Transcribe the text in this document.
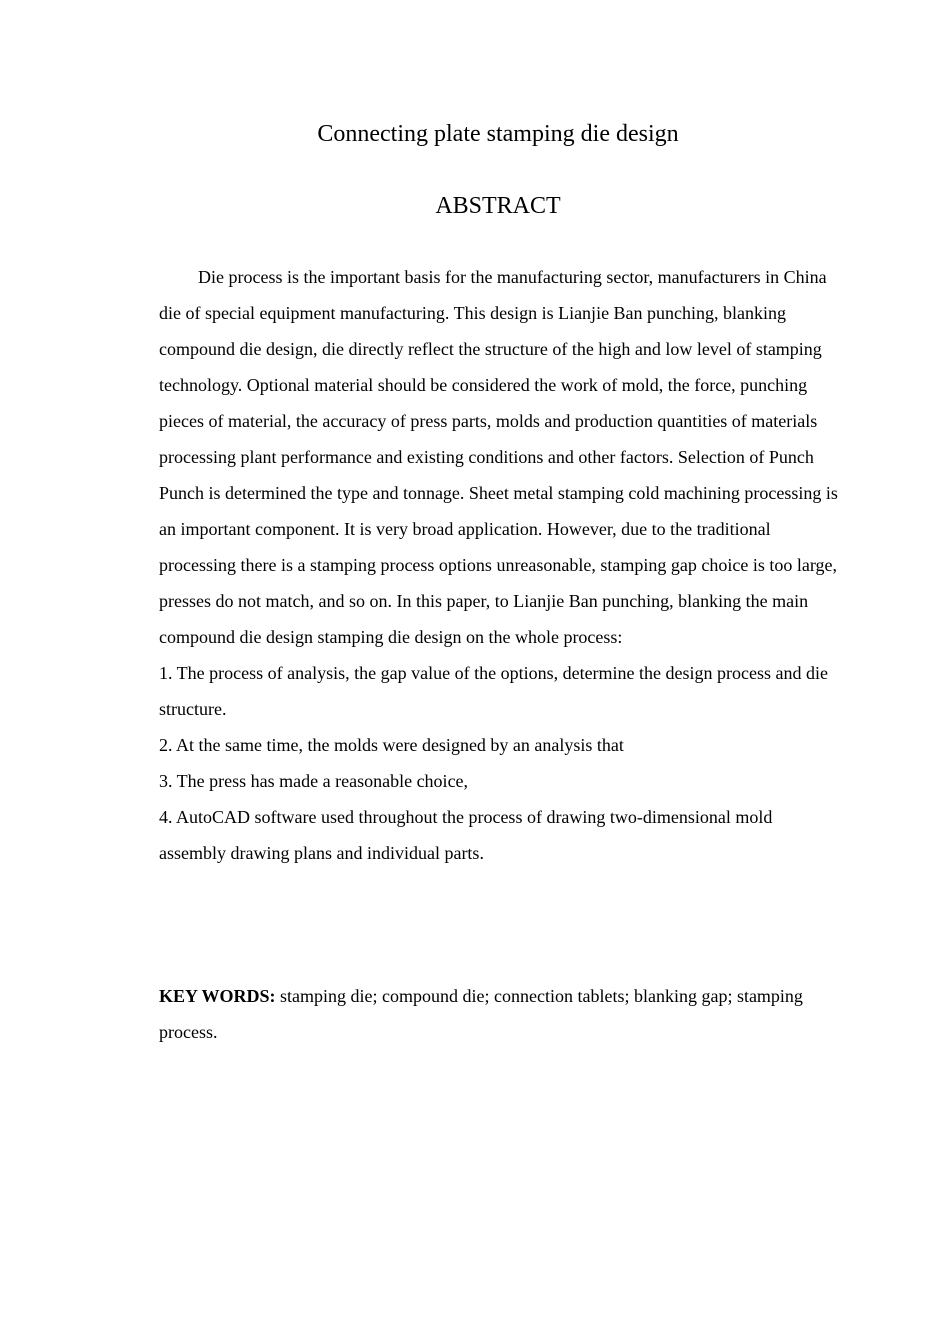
Connecting plate stamping die design
ABSTRACT

Die process is the important basis for the manufacturing sector, manufacturers in China die of special equipment manufacturing. This design is Lianjie Ban punching, blanking compound die design, die directly reflect the structure of the high and low level of stamping technology. Optional material should be considered the work of mold, the force, punching pieces of material, the accuracy of press parts, molds and production quantities of materials processing plant performance and existing conditions and other factors. Selection of Punch Punch is determined the type and tonnage. Sheet metal stamping cold machining processing is an important component. It is very broad application. However, due to the traditional processing there is a stamping process options unreasonable, stamping gap choice is too large, presses do not match, and so on. In this paper, to Lianjie Ban punching, blanking the main compound die design stamping die design on the whole process:

1. The process of analysis, the gap value of the options, determine the design process and die structure.

2. At the same time, the molds were designed by an analysis that

3. The press has made a reasonable choice,

4. AutoCAD software used throughout the process of drawing two-dimensional mold assembly drawing plans and individual parts.

KEY WORDS: stamping die; compound die; connection tablets; blanking gap; stamping process.
